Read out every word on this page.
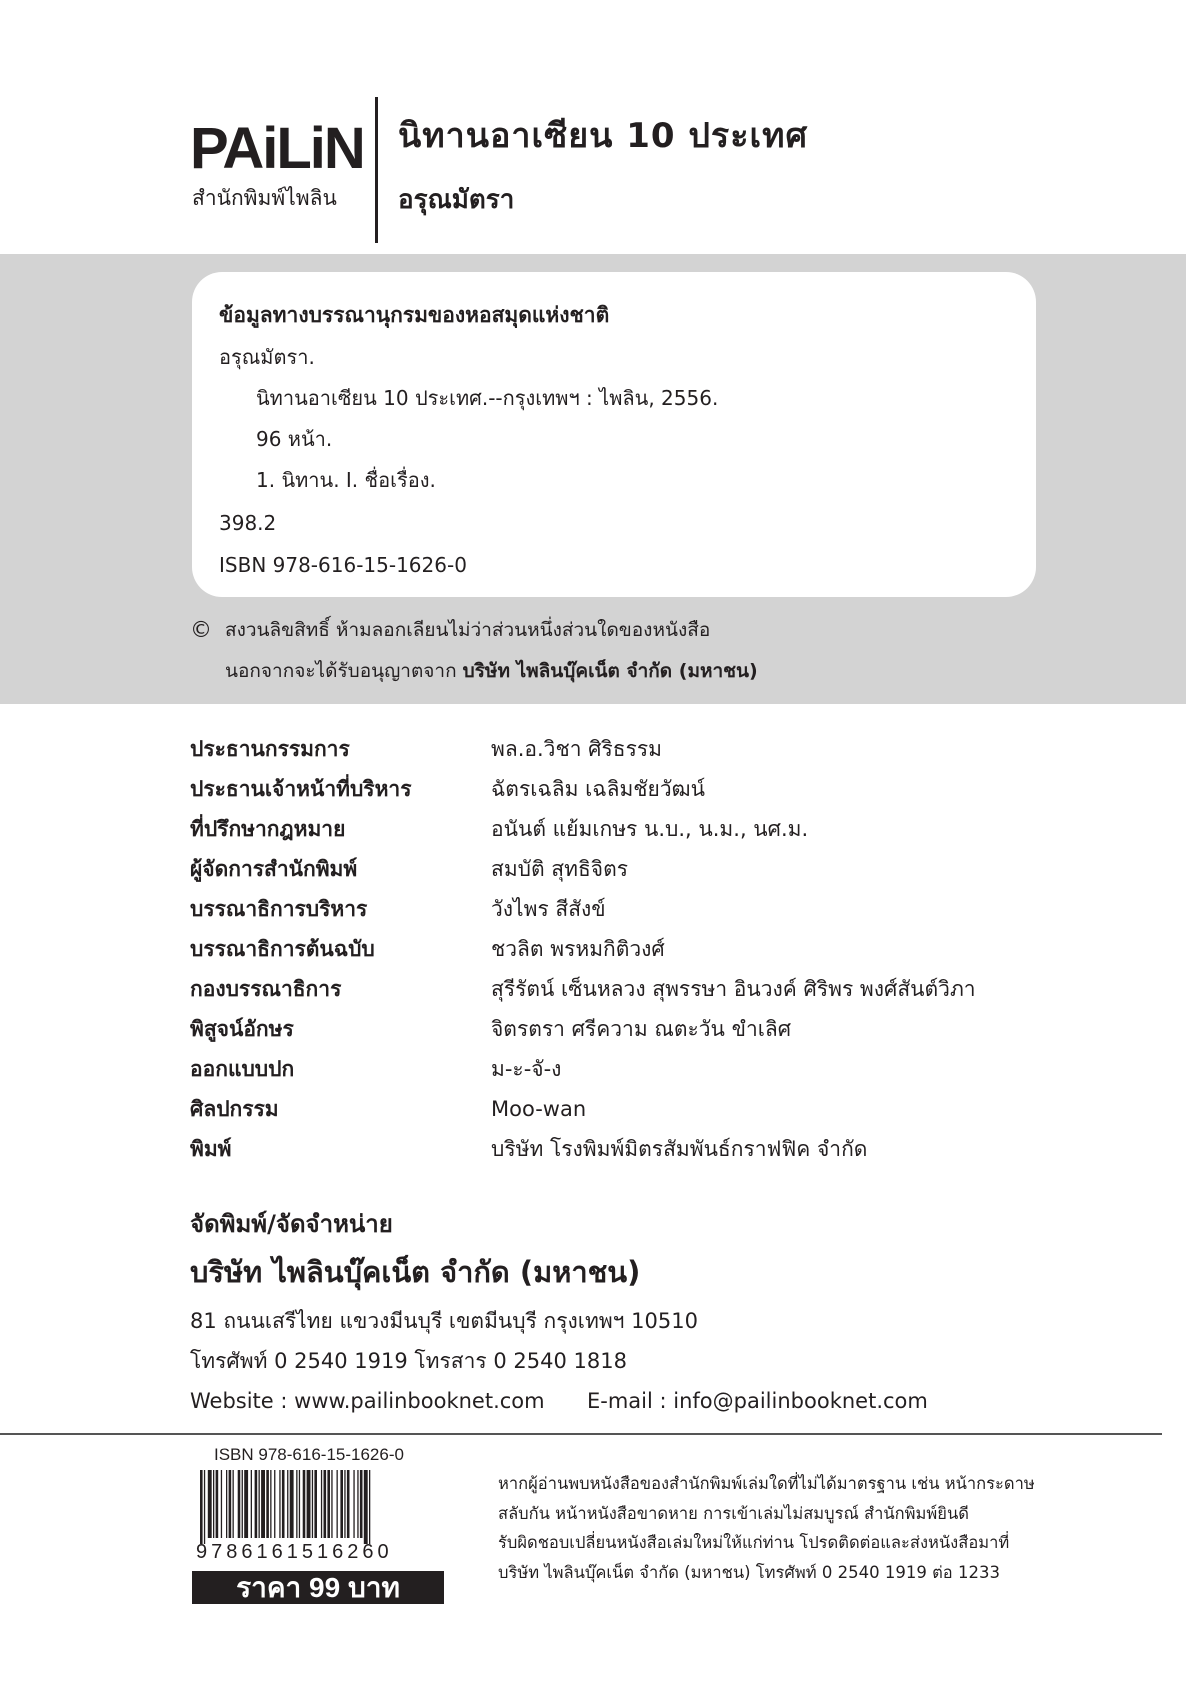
PAiLiN
สำนักพิมพ์ไพลิน
นิทานอาเซียน 10 ประเทศ
อรุณมัตรา
ข้อมูลทางบรรณานุกรมของหอสมุดแห่งชาติ
อรุณมัตรา.
นิทานอาเซียน 10 ประเทศ.--กรุงเทพฯ : ไพลิน, 2556.
96 หน้า.
1. นิทาน. I. ชื่อเรื่อง.
398.2
ISBN 978-616-15-1626-0
© สงวนลิขสิทธิ์ ห้ามลอกเลียนไม่ว่าส่วนหนึ่งส่วนใดของหนังสือ
นอกจากจะได้รับอนุญาตจาก บริษัท ไพลินบุ๊คเน็ต จำกัด (มหาชน)
ประธานกรรมการ	พล.อ.วิชา ศิริธรรม
ประธานเจ้าหน้าที่บริหาร	ฉัตรเฉลิม เฉลิมชัยวัฒน์
ที่ปรึกษากฎหมาย	อนันต์ แย้มเกษร น.บ., น.ม., นศ.ม.
ผู้จัดการสำนักพิมพ์	สมบัติ สุทธิจิตร
บรรณาธิการบริหาร	วังไพร สีสังข์
บรรณาธิการต้นฉบับ	ชวลิต พรหมกิติวงศ์
กองบรรณาธิการ	สุรีรัตน์ เซ็นหลวง สุพรรษา อินวงค์ ศิริพร พงศ์สันต์วิภา
พิสูจน์อักษร	จิตรตรา ศรีความ ณตะวัน ขำเลิศ
ออกแบบปก	ม-ะ-จั-ง
ศิลปกรรม	Moo-wan
พิมพ์	บริษัท โรงพิมพ์มิตรสัมพันธ์กราฟฟิค จำกัด
จัดพิมพ์/จัดจำหน่าย
บริษัท ไพลินบุ๊คเน็ต จำกัด (มหาชน)
81 ถนนเสรีไทย แขวงมีนบุรี เขตมีนบุรี กรุงเทพฯ 10510
โทรศัพท์ 0 2540 1919 โทรสาร 0 2540 1818
Website : www.pailinbooknet.com E-mail : info@pailinbooknet.com
ISBN 978-616-15-1626-0
9786161516260
ราคา 99 บาท
หากผู้อ่านพบหนังสือของสำนักพิมพ์เล่มใดที่ไม่ได้มาตรฐาน เช่น หน้ากระดาษ
สลับกัน หน้าหนังสือขาดหาย การเข้าเล่มไม่สมบูรณ์ สำนักพิมพ์ยินดี
รับผิดชอบเปลี่ยนหนังสือเล่มใหม่ให้แก่ท่าน โปรดติดต่อและส่งหนังสือมาที่
บริษัท ไพลินบุ๊คเน็ต จำกัด (มหาชน) โทรศัพท์ 0 2540 1919 ต่อ 1233
